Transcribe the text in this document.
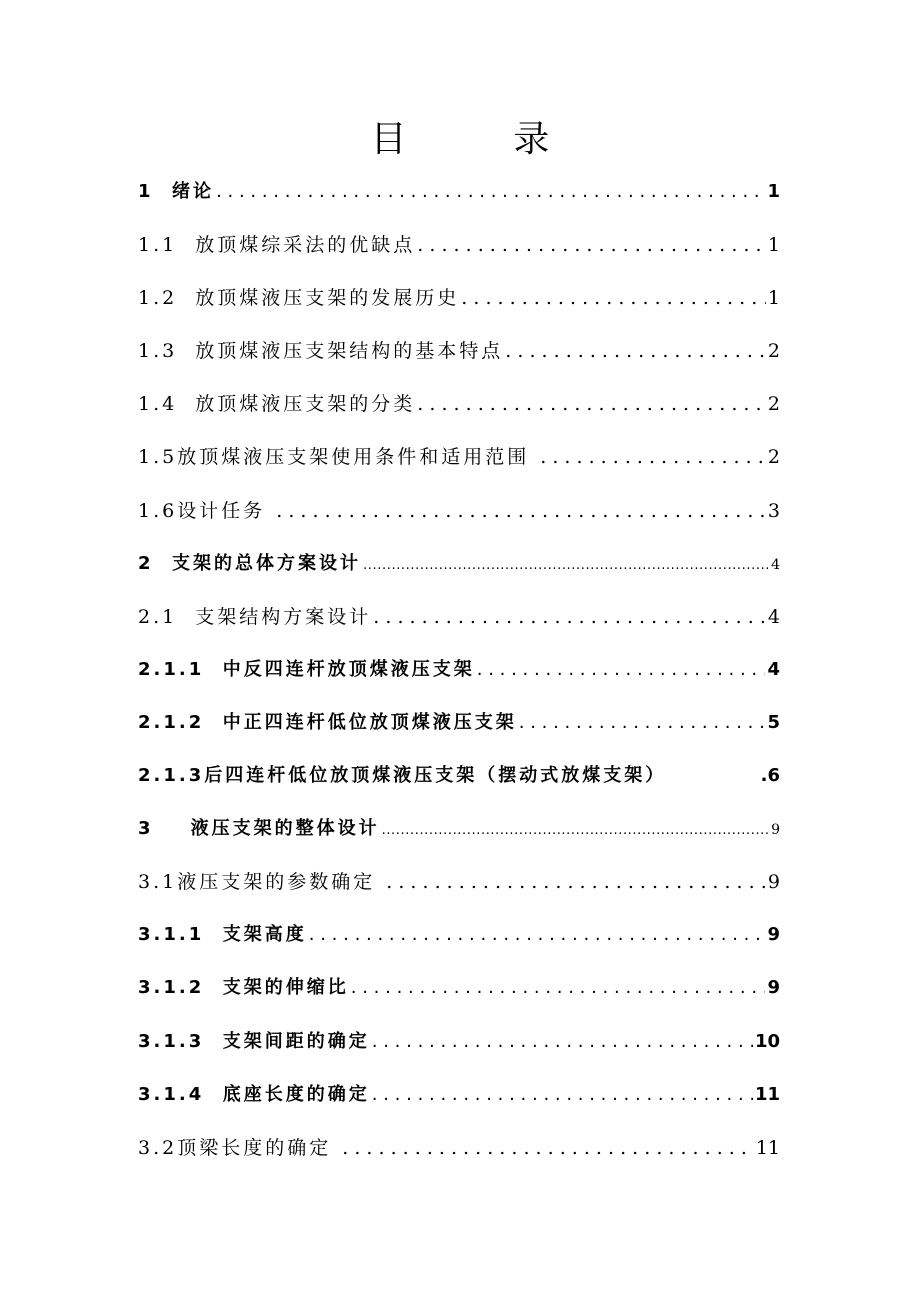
目  录
1  绪论 . . .	1
1.1  放顶煤综采法的优缺点 . . .	1
1.2  放顶煤液压支架的发展历史 . . .	1
1.3  放顶煤液压支架结构的基本特点 . . .	2
1.4  放顶煤液压支架的分类 . . .	2
1.5放顶煤液压支架使用条件和适用范围 . . .	2
1.6设计任务 . . .	3
2  支架的总体方案设计 .....	4
2.1  支架结构方案设计 . . .	4
2.1.1  中反四连杆放顶煤液压支架 . . .	4
2.1.2  中正四连杆低位放顶煤液压支架 . . .	5
2.1.3后四连杆低位放顶煤液压支架（摆动式放煤支架）	.6
3    液压支架的整体设计 .....	9
3.1液压支架的参数确定 . . .	9
3.1.1  支架高度 . . .	9
3.1.2  支架的伸缩比 . . .	9
3.1.3  支架间距的确定 . . .	10
3.1.4  底座长度的确定 . . .	11
3.2顶梁长度的确定 . . .	11
